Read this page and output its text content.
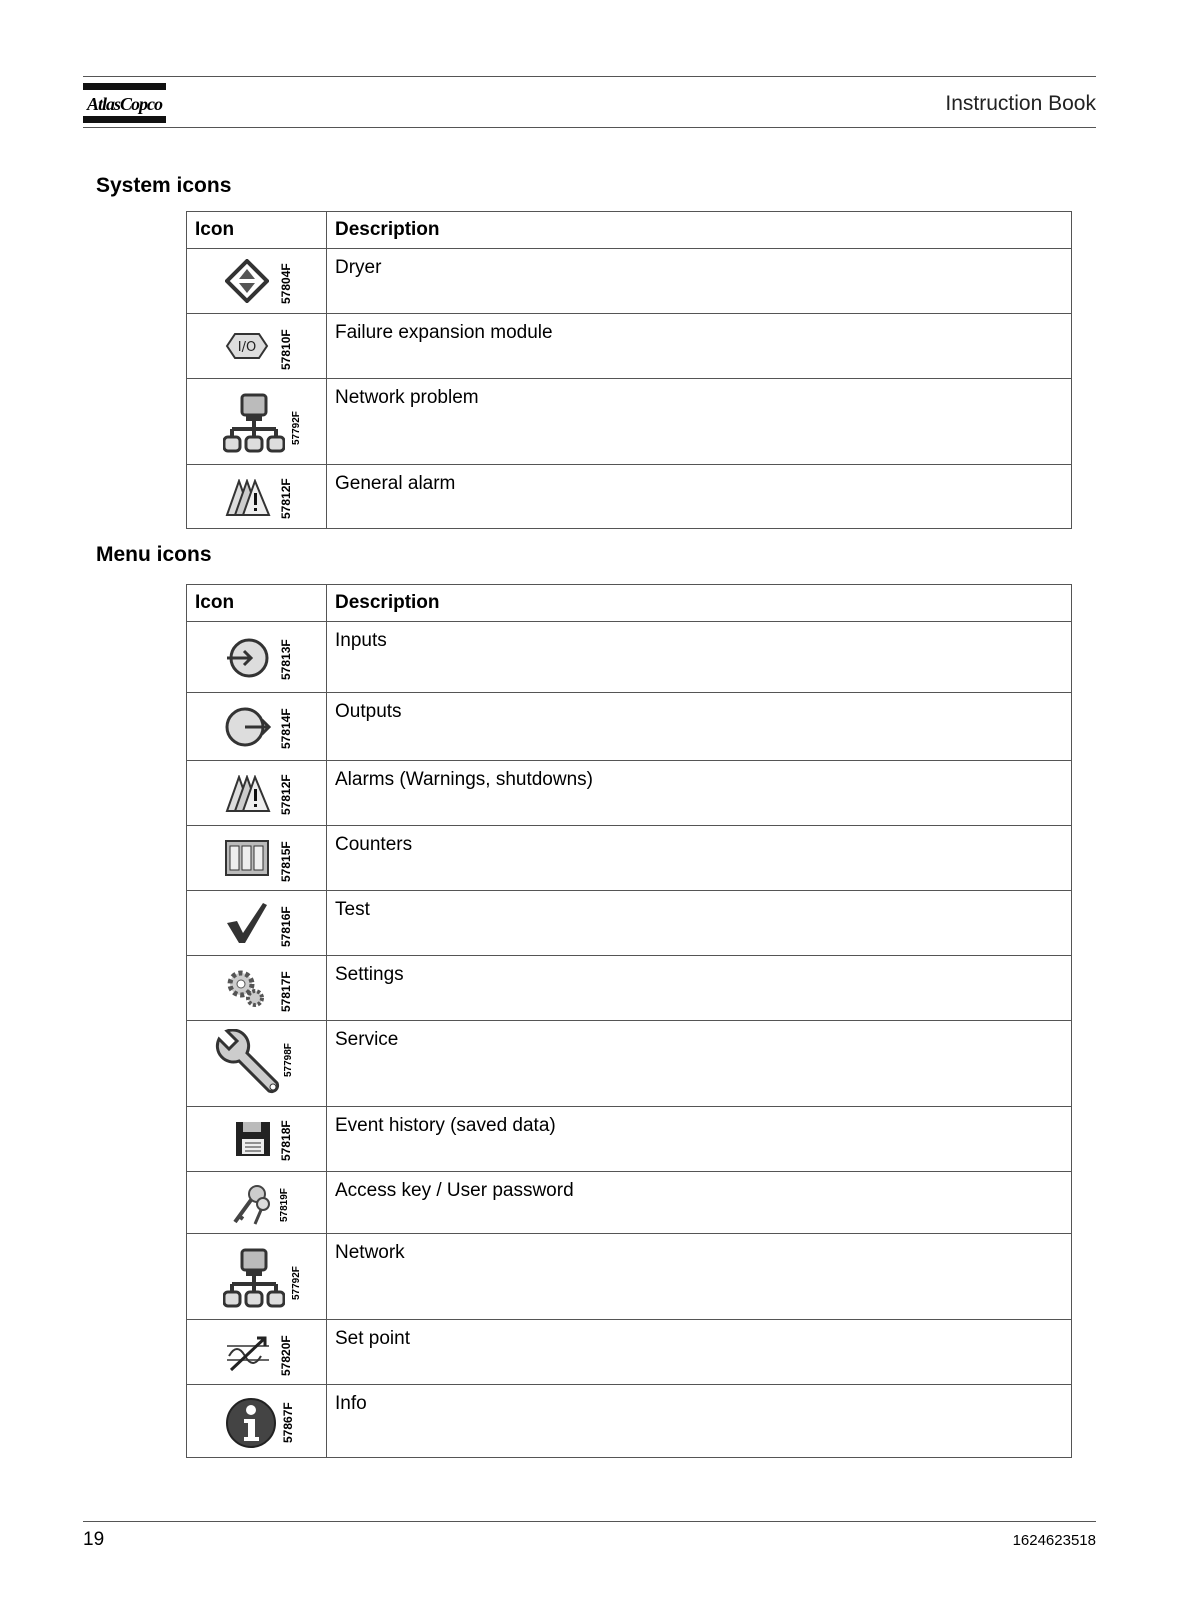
AtlasCopco	Instruction Book
System icons
Icon	Description

57804F	Dryer

I/O 57810F	Failure expansion module

57792F	Network problem

57812F	General alarm
Menu icons
Icon	Description

57813F	Inputs

57814F	Outputs

57812F	Alarms (Warnings, shutdowns)

57815F	Counters

57816F	Test

57817F	Settings

57798F	Service

57818F	Event history (saved data)

57819F	Access key / User password

57792F	Network

57820F	Set point

57867F	Info
19	1624623518
